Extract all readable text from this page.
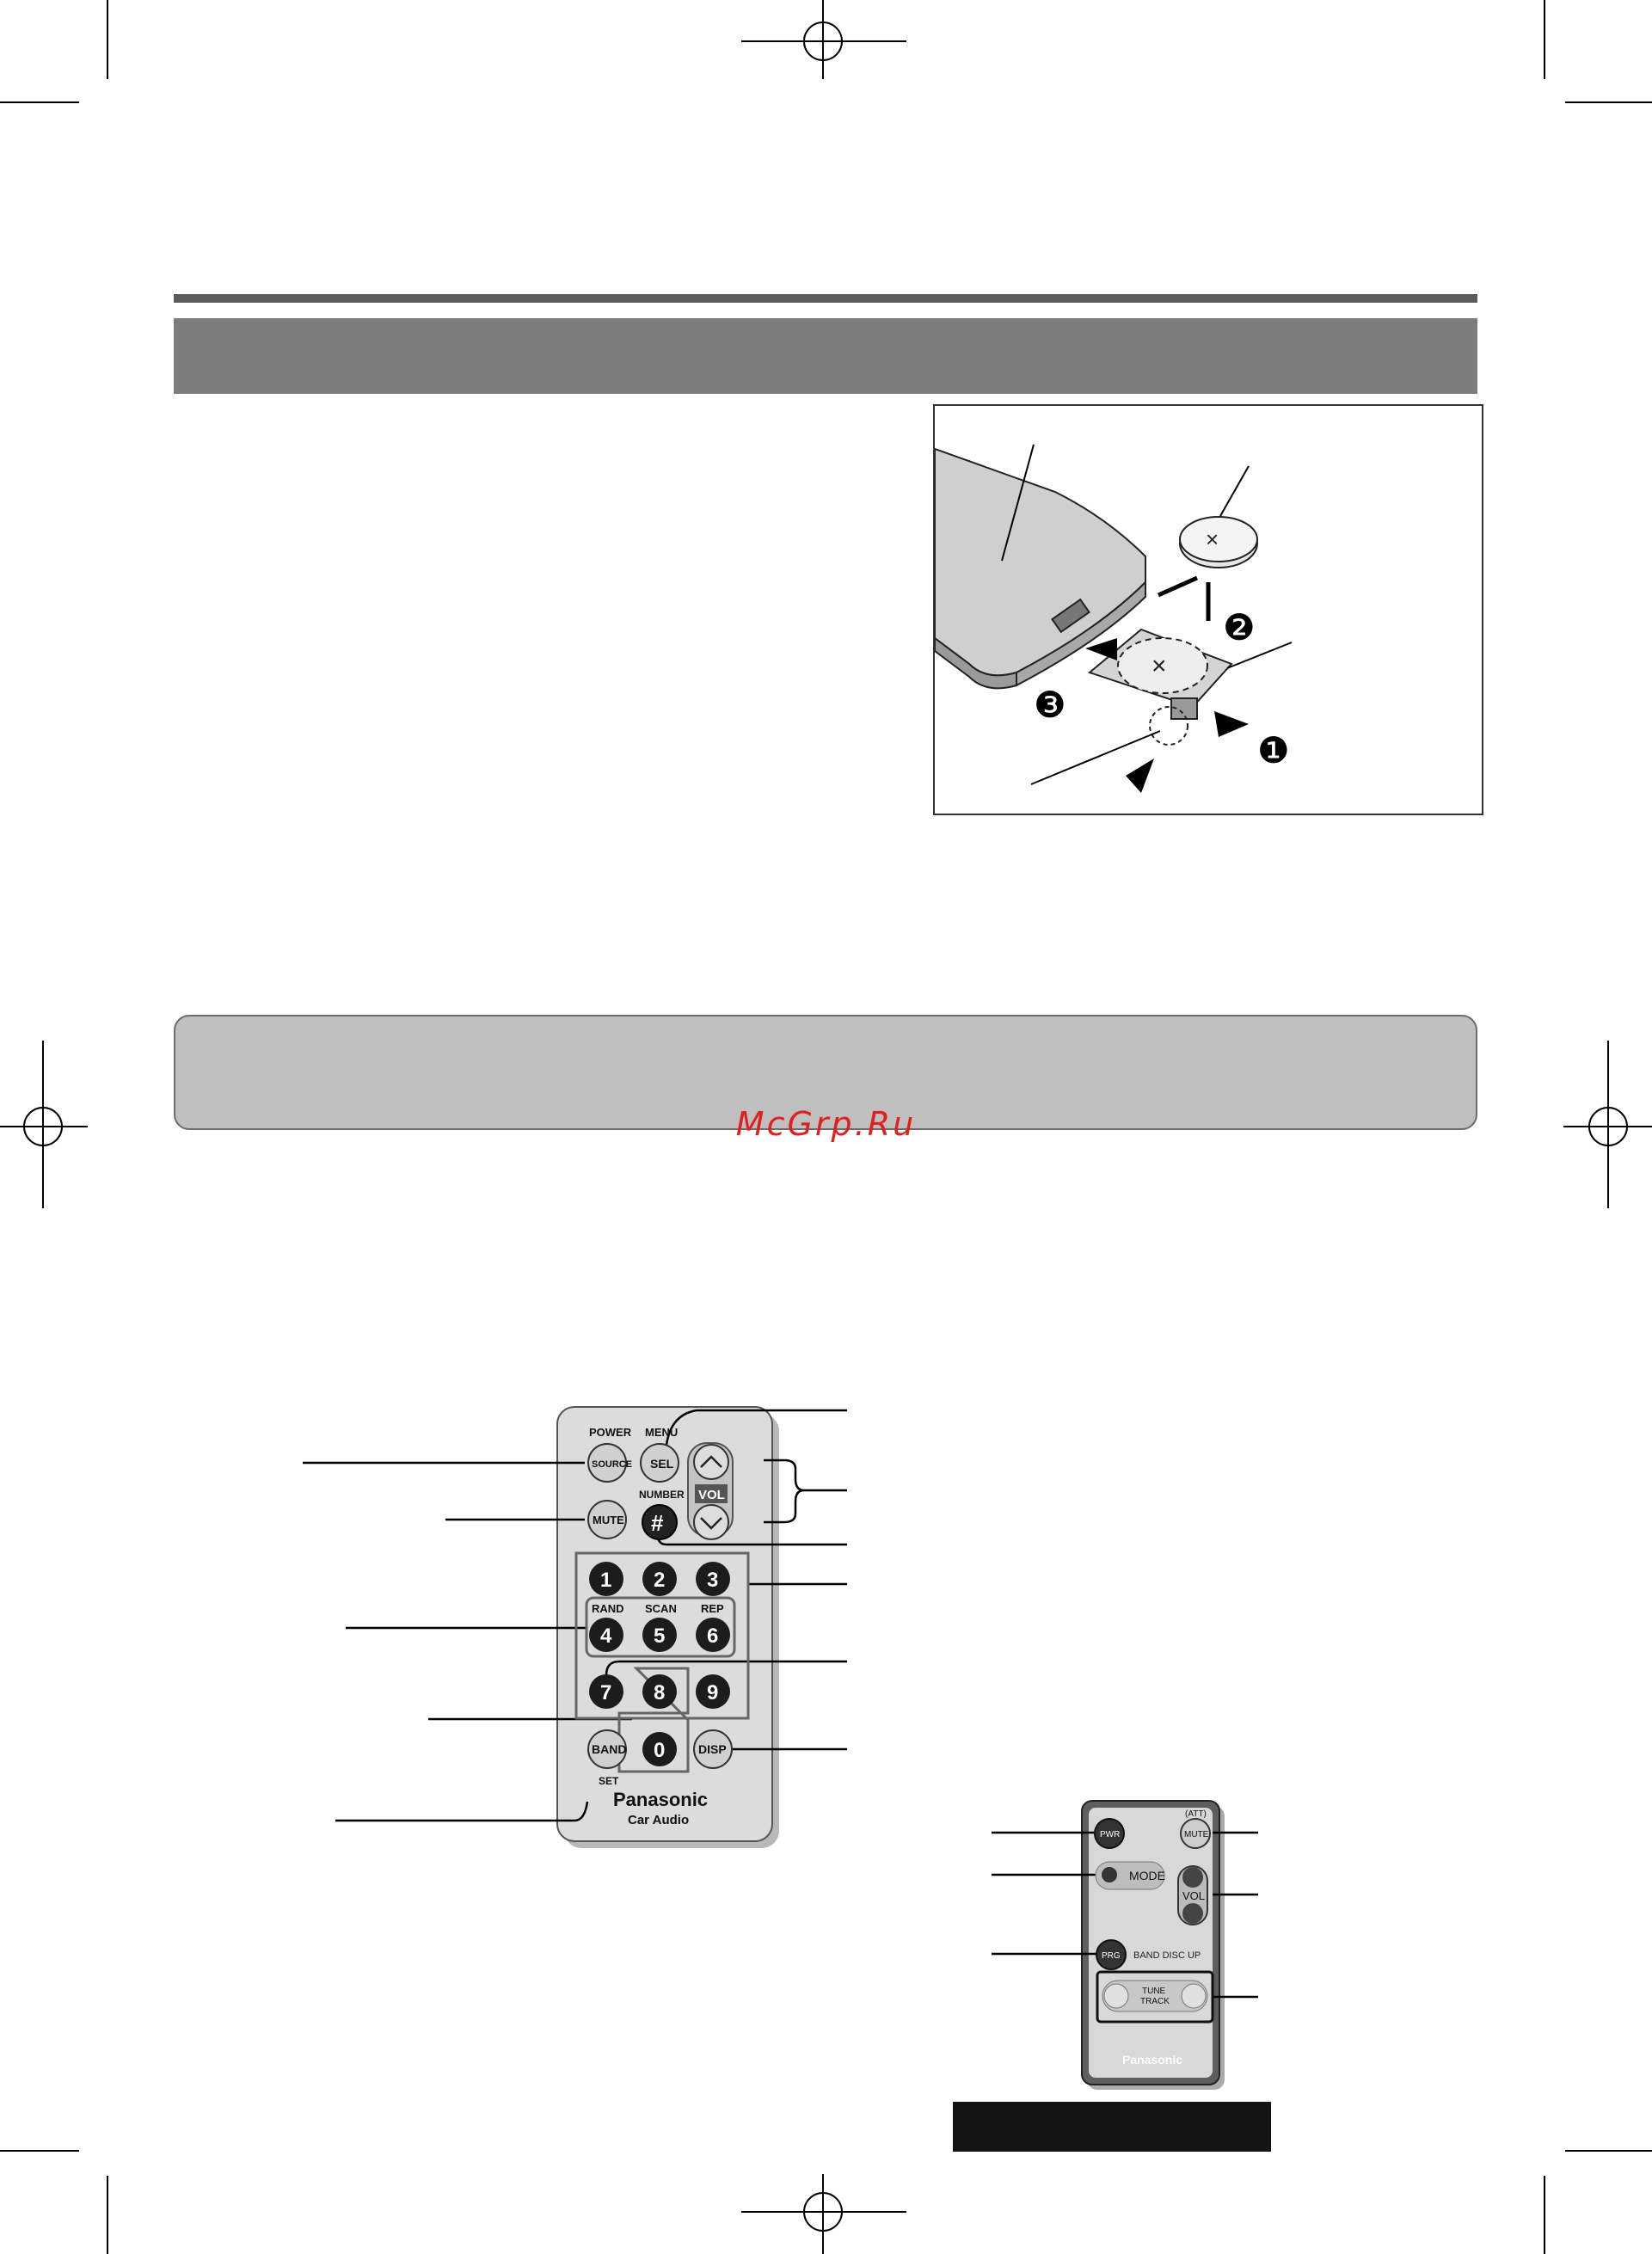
×
×
❷
❸
❶
McGrp.Ru
VOL
POWER MENU
SOURCE SEL
MUTE
NUMBER
#
1 2 3
4 5 6
7 8 9
0
RAND SCAN REP
BAND
SET
DISP
Panasonic
Car Audio	(ATT)
MUTE
PWR
MODE
VOL
PRG BAND DISC UP
TUNE
TRACK
Panasonic
